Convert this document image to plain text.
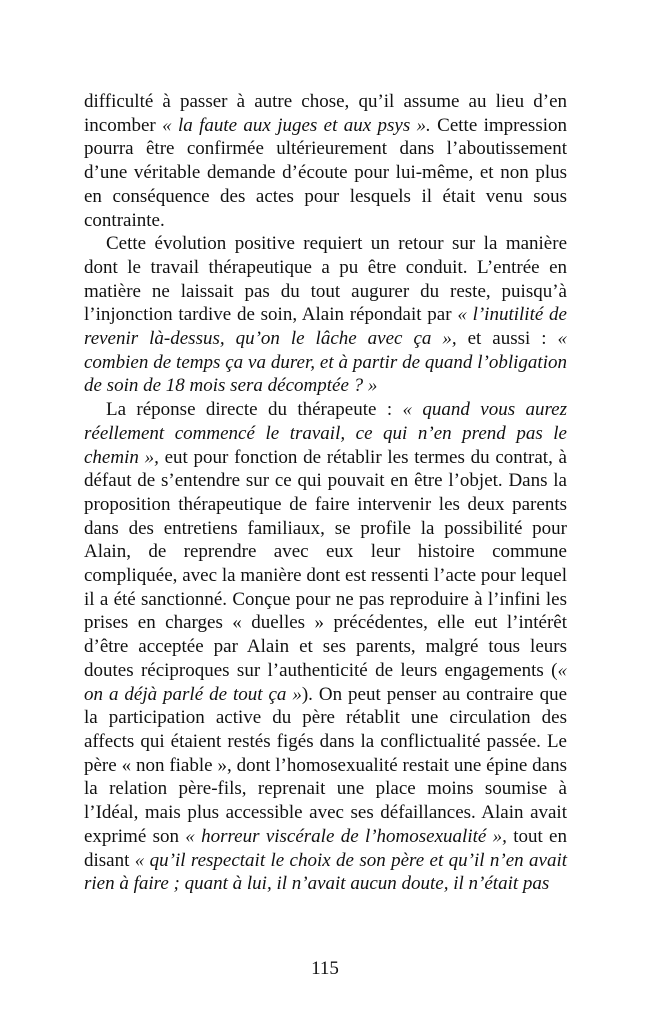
difficulté à passer à autre chose, qu’il assume au lieu d’en incomber « la faute aux juges et aux psys ». Cette impression pourra être confirmée ultérieurement dans l’aboutissement d’une véritable demande d’écoute pour lui-même, et non plus en conséquence des actes pour lesquels il était venu sous contrainte.

Cette évolution positive requiert un retour sur la manière dont le travail thérapeutique a pu être conduit. L’entrée en matière ne laissait pas du tout augurer du reste, puisqu’à l’injonction tardive de soin, Alain répondait par « l’inutilité de revenir là-dessus, qu’on le lâche avec ça », et aussi : « combien de temps ça va durer, et à partir de quand l’obligation de soin de 18 mois sera décomptée ? »

La réponse directe du thérapeute : « quand vous aurez réellement commencé le travail, ce qui n’en prend pas le chemin », eut pour fonction de rétablir les termes du contrat, à défaut de s’entendre sur ce qui pouvait en être l’objet. Dans la proposition thérapeutique de faire intervenir les deux parents dans des entretiens familiaux, se profile la possibilité pour Alain, de reprendre avec eux leur histoire commune compliquée, avec la manière dont est ressenti l’acte pour lequel il a été sanctionné. Conçue pour ne pas reproduire à l’infini les prises en charges « duelles » précédentes, elle eut l’intérêt d’être acceptée par Alain et ses parents, malgré tous leurs doutes réciproques sur l’authenticité de leurs engagements (« on a déjà parlé de tout ça »). On peut penser au contraire que la participation active du père rétablit une circulation des affects qui étaient restés figés dans la conflictualité passée. Le père « non fiable », dont l’homosexualité restait une épine dans la relation père-fils, reprenait une place moins soumise à l’Idéal, mais plus accessible avec ses défaillances. Alain avait exprimé son « horreur viscérale de l’homosexualité », tout en disant « qu’il respectait le choix de son père et qu’il n’en avait rien à faire ; quant à lui, il n’avait aucun doute, il n’était pas

115
